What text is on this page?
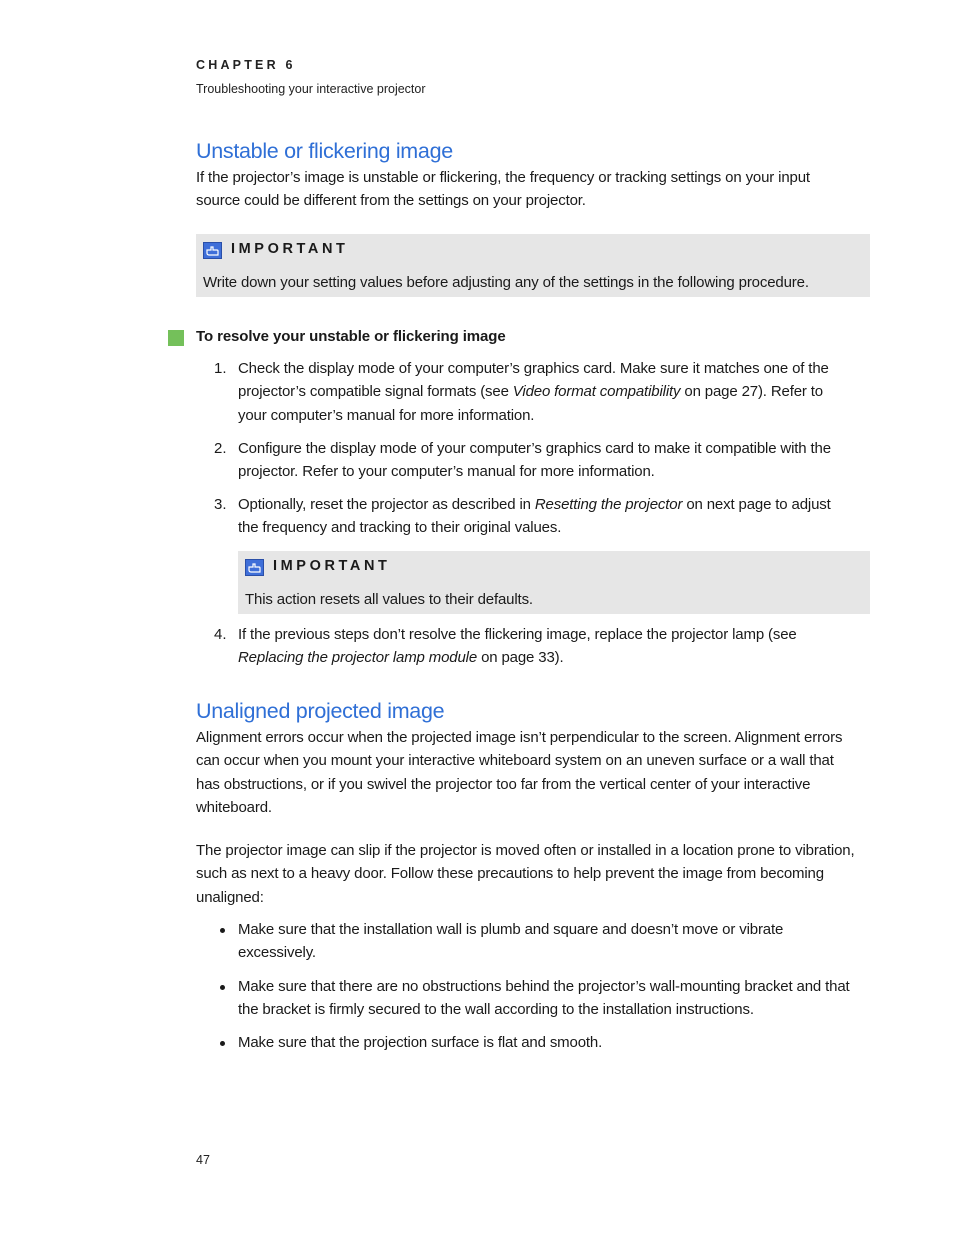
CHAPTER 6
Troubleshooting your interactive projector
Unstable or flickering image
If the projector’s image is unstable or flickering, the frequency or tracking settings on your input
source could be different from the settings on your projector.
IMPORTANT
Write down your setting values before adjusting any of the settings in the following procedure.
To resolve your unstable or flickering image
1. Check the display mode of your computer’s graphics card. Make sure it matches one of the
projector’s compatible signal formats (see Video format compatibility on page 27). Refer to
your computer’s manual for more information.
2. Configure the display mode of your computer’s graphics card to make it compatible with the
projector. Refer to your computer’s manual for more information.
3. Optionally, reset the projector as described in Resetting the projector on next page to adjust
the frequency and tracking to their original values.
IMPORTANT
This action resets all values to their defaults.
4. If the previous steps don’t resolve the flickering image, replace the projector lamp (see
Replacing the projector lamp module on page 33).
Unaligned projected image
Alignment errors occur when the projected image isn’t perpendicular to the screen. Alignment errors
can occur when you mount your interactive whiteboard system on an uneven surface or a wall that
has obstructions, or if you swivel the projector too far from the vertical center of your interactive
whiteboard.
The projector image can slip if the projector is moved often or installed in a location prone to vibration,
such as next to a heavy door. Follow these precautions to help prevent the image from becoming
unaligned:
Make sure that the installation wall is plumb and square and doesn’t move or vibrate
excessively.
Make sure that there are no obstructions behind the projector’s wall-mounting bracket and that
the bracket is firmly secured to the wall according to the installation instructions.
Make sure that the projection surface is flat and smooth.
47
